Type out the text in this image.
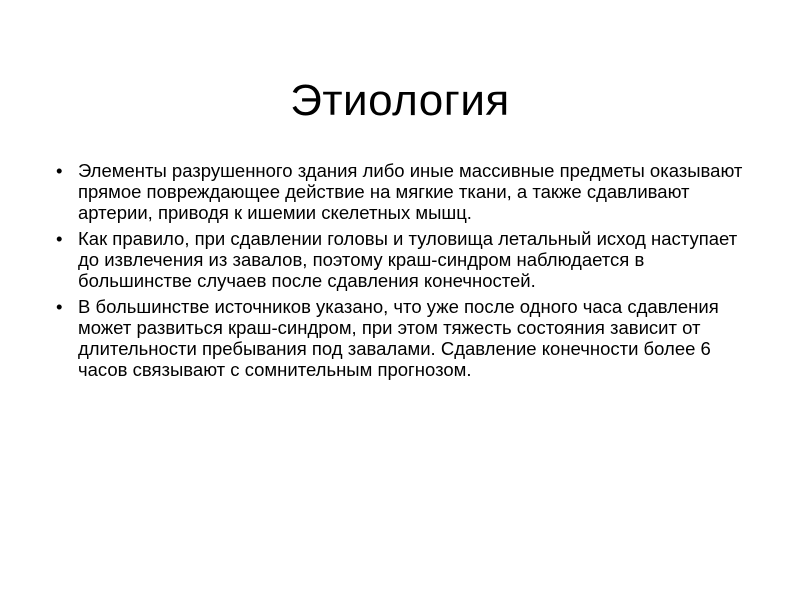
Этиология
• Элементы разрушенного здания либо иные массивные предметы оказывают прямое повреждающее действие на мягкие ткани, а также сдавливают артерии, приводя к ишемии скелетных мышц.
• Как правило, при сдавлении головы и туловища летальный исход наступает до извлечения из завалов, поэтому краш-синдром наблюдается в большинстве случаев после сдавления конечностей.
• В большинстве источников указано, что уже после одного часа сдавления может развиться краш-синдром, при этом тяжесть состояния зависит от длительности пребывания под завалами. Сдавление конечности более 6 часов связывают с сомнительным прогнозом.
